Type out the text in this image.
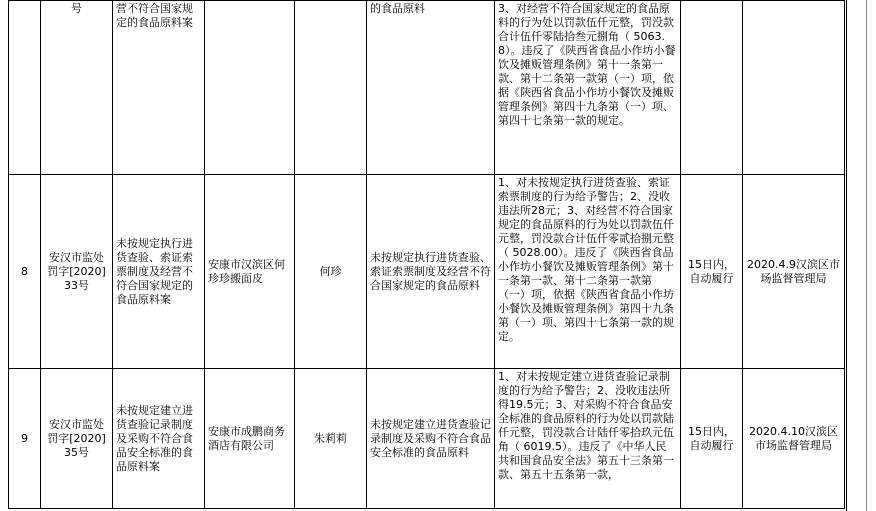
	号	营不符合国家规定的食品原料案			的食品原料	3、对经营不符合国家规定的食品原料的行为处以罚款伍仟元整，罚没款合计伍仟零陆拾叁元捌角（ 5063.8）。违反了《陕西省食品小作坊小餐饮及摊贩管理条例》第十一条第一款、第十二条第一款第（一）项，依据《陕西省食品小作坊小餐饮及摊贩管理条例》第四十九条第（一）项、第四十七条第一款的规定。		
8	安汉市监处罚字[2020]33号	未按规定执行进货查验、索证索票制度及经营不符合国家规定的食品原料案	安康市汉滨区何珍珍搬面皮	何珍	未按规定执行进货查验、索证索票制度及经营不符合国家规定的食品原料	1、对未按规定执行进货查验、索证索票制度的行为给予警告；2、没收违法所28元；3、对经营不符合国家规定的食品原料的行为处以罚款伍仟元整，罚没款合计伍仟零贰拾捌元整（ 5028.00）。违反了《陕西省食品小作坊小餐饮及摊贩管理条例》第十一条第一款、第十二条第一款第（一）项，依据《陕西省食品小作坊小餐饮及摊贩管理条例》第四十九条第（一）项、第四十七条第一款的规定。	15日内，自动履行	2020.4.9汉滨区市场监督管理局
9	安汉市监处罚字[2020]35号	未按规定建立进货查验记录制度及采购不符合食品安全标准的食品原料案	安康市成鹏商务酒店有限公司	朱莉莉	未按规定建立进货查验记录制度及采购不符合食品安全标准的食品原料	1、对未按规定建立进货查验记录制度的行为给予警告；2、没收违法所得19.5元；3、对采购不符合食品安全标准的食品原料的行为处以罚款陆仟元整，罚没款合计陆仟零拾玖元伍角（ 6019.5）。违反了《中华人民共和国食品安全法》第五十三条第一款、第五十五条第一款，	15日内，自动履行	2020.4.10汉滨区市场监督管理局
